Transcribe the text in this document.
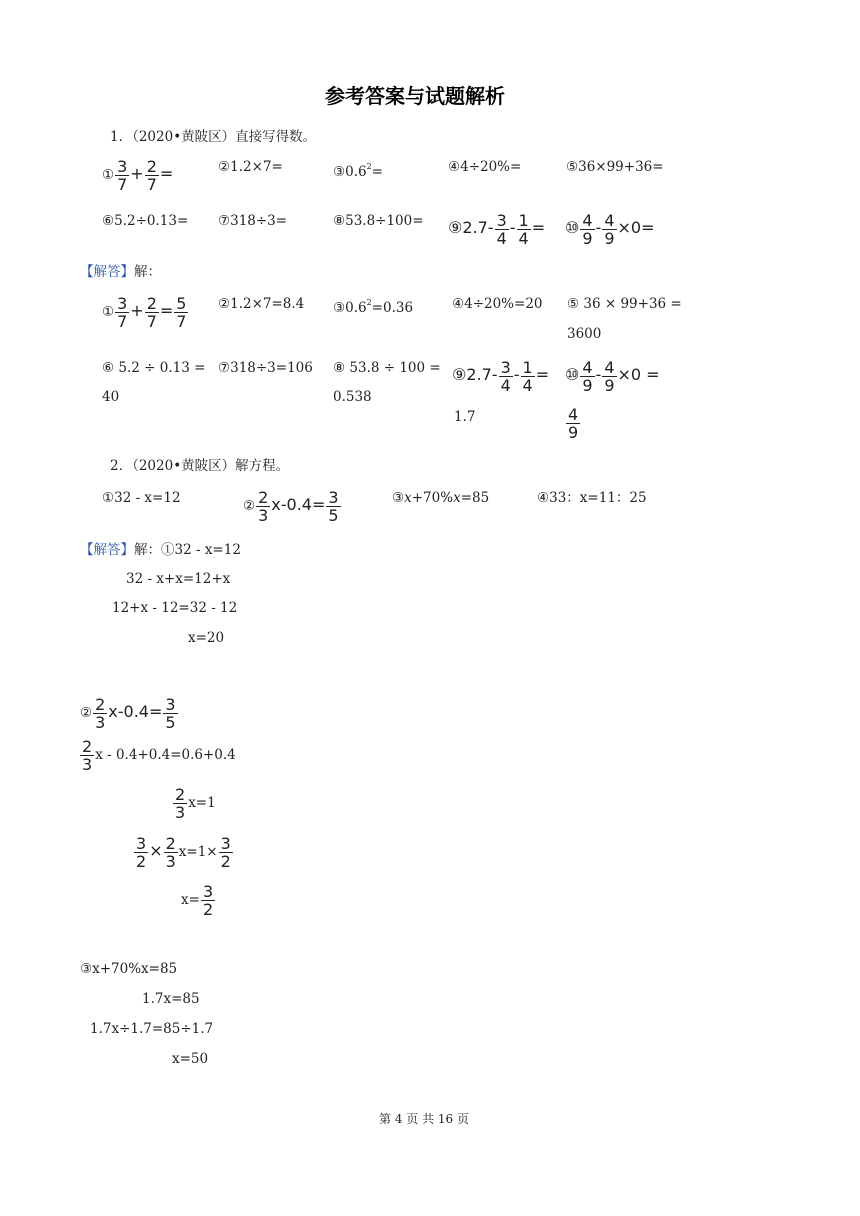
参考答案与试题解析
1．（2020•黄陂区）直接写得数。
① $\frac{3}{7} + \frac{2}{7}$ =	②1.2×7=	$③0.6^2=$	④4÷20%=	⑤36×99+36=
⑥5.2÷0.13= ⑦318÷3=	⑧53.8÷100= ⑨2.7- $\frac{3}{4} - \frac{1}{4}$ = ⑩ $\frac{4}{9} - \frac{4}{9} \times 0=$
【解答】解：
① $\frac{3}{7} + \frac{2}{7} = \frac{5}{7}$ ②1.2×7=8.4 $③0.6^2=0.36$	④4÷20%=20 ⑤ 36 × 99+36 =
3600
⑥ 5.2 ÷ 0.13 =
40
⑦318÷3=106 ⑧ 53.8 ÷ 100 =
0.538
⑨2.7- $\frac{3}{4} - \frac{1}{4}$ =
1.7
⑩ $\frac{4}{9} - \frac{4}{9} \times 0$ =
$\frac{4}{9}$
2．（2020•黄陂区）解方程。
①32 - x=12	② $\frac{2}{3} x-0.4= \frac{3}{5}$	③x+70%x=85	④33：x=11：25
【解答】解：①32 - x=12
32 - x+x=12+x
12+x - 12=32 - 12
x=20
② $\frac{2}{3} x-0.4= \frac{3}{5}$
$\frac{2}{3}$ x - 0.4+0.4=0.6+0.4
$\frac{2}{3} x=1$
$\frac{3}{2} \times \frac{2}{3} x=1\times \frac{3}{2}$
$x= \frac{3}{2}$
③x+70%x=85
1.7x=85
1.7x÷1.7=85÷1.7
x=50
第 4 页 共 16 页
